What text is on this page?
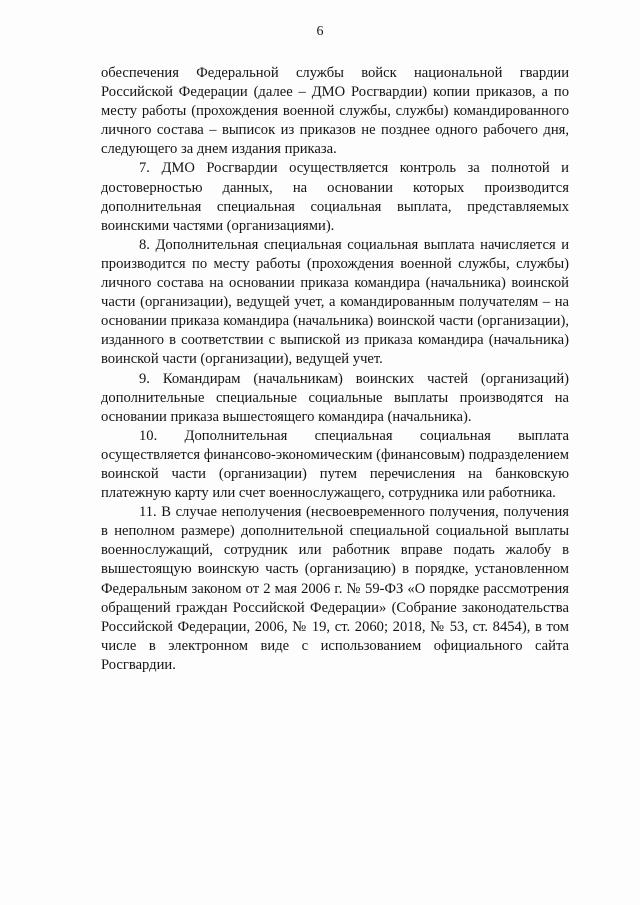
6

обеспечения Федеральной службы войск национальной гвардии Российской Федерации (далее – ДМО Росгвардии) копии приказов, а по месту работы (прохождения военной службы, службы) командированного личного состава – выписок из приказов не позднее одного рабочего дня, следующего за днем издания приказа.

7. ДМО Росгвардии осуществляется контроль за полнотой и достоверностью данных, на основании которых производится дополнительная специальная социальная выплата, представляемых воинскими частями (организациями).

8. Дополнительная специальная социальная выплата начисляется и производится по месту работы (прохождения военной службы, службы) личного состава на основании приказа командира (начальника) воинской части (организации), ведущей учет, а командированным получателям – на основании приказа командира (начальника) воинской части (организации), изданного в соответствии с выпиской из приказа командира (начальника) воинской части (организации), ведущей учет.

9. Командирам (начальникам) воинских частей (организаций) дополнительные специальные социальные выплаты производятся на основании приказа вышестоящего командира (начальника).

10. Дополнительная специальная социальная выплата осуществляется финансово-экономическим (финансовым) подразделением воинской части (организации) путем перечисления на банковскую платежную карту или счет военнослужащего, сотрудника или работника.

11. В случае неполучения (несвоевременного получения, получения в неполном размере) дополнительной специальной социальной выплаты военнослужащий, сотрудник или работник вправе подать жалобу в вышестоящую воинскую часть (организацию) в порядке, установленном Федеральным законом от 2 мая 2006 г. № 59-ФЗ «О порядке рассмотрения обращений граждан Российской Федерации» (Собрание законодательства Российской Федерации, 2006, № 19, ст. 2060; 2018, № 53, ст. 8454), в том числе в электронном виде с использованием официального сайта Росгвардии.
